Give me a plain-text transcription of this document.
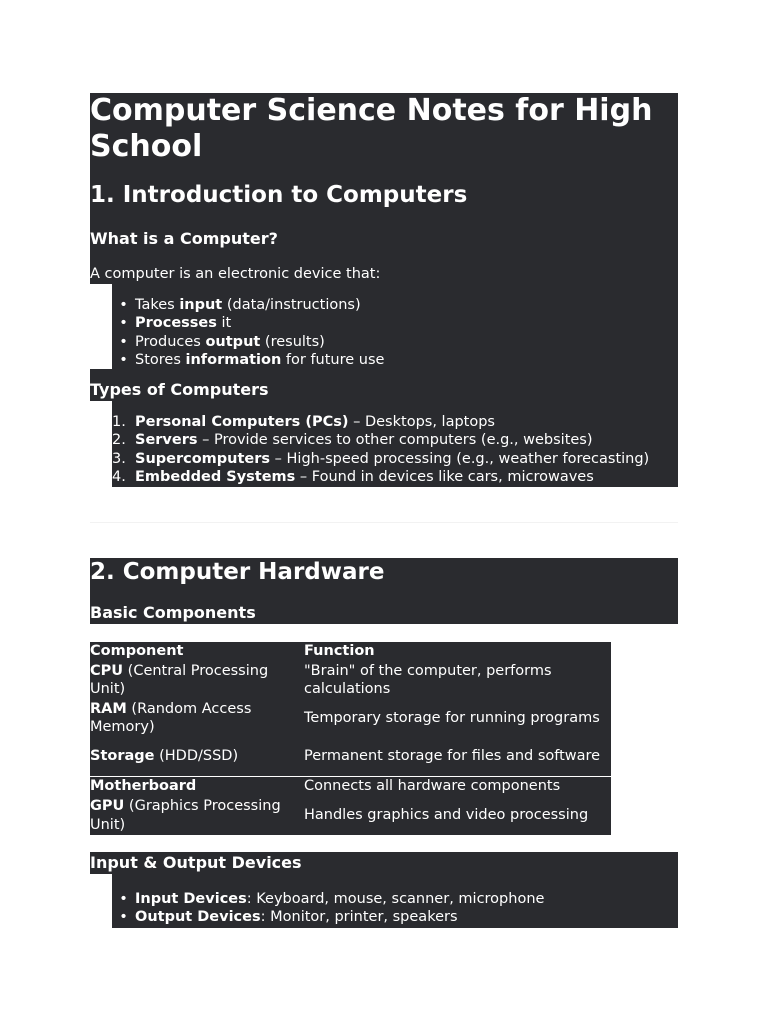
Computer Science Notes for High School
1. Introduction to Computers
What is a Computer?
A computer is an electronic device that:
• Takes input (data/instructions)
• Processes it
• Produces output (results)
• Stores information for future use
Types of Computers
1. Personal Computers (PCs) – Desktops, laptops
2. Servers – Provide services to other computers (e.g., websites)
3. Supercomputers – High-speed processing (e.g., weather forecasting)
4. Embedded Systems – Found in devices like cars, microwaves
2. Computer Hardware
Basic Components
Component	Function
CPU (Central Processing Unit)	"Brain" of the computer, performs calculations
RAM (Random Access Memory)	Temporary storage for running programs
Storage (HDD/SSD)	Permanent storage for files and software
Motherboard	Connects all hardware components
GPU (Graphics Processing Unit)	Handles graphics and video processing
Input & Output Devices
• Input Devices: Keyboard, mouse, scanner, microphone
• Output Devices: Monitor, printer, speakers
